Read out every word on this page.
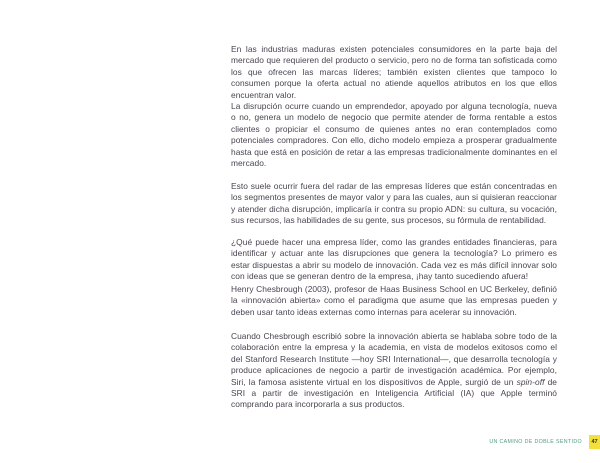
En las industrias maduras existen potenciales consumidores en la parte baja del mercado que requieren del producto o servicio, pero no de forma tan sofisticada como los que ofrecen las marcas líderes; también existen clientes que tampoco lo consumen porque la oferta actual no atiende aquellos atributos en los que ellos encuentran valor.

La disrupción ocurre cuando un emprendedor, apoyado por alguna tecnología, nueva o no, genera un modelo de negocio que permite atender de forma rentable a estos clientes o propiciar el consumo de quienes antes no eran contemplados como potenciales compradores. Con ello, dicho modelo empieza a prosperar gradualmente hasta que está en posición de retar a las empresas tradicionalmente dominantes en el mercado.

Esto suele ocurrir fuera del radar de las empresas líderes que están concentradas en los segmentos presentes de mayor valor y para las cuales, aun si quisieran reaccionar y atender dicha disrupción, implicaría ir contra su propio ADN: su cultura, su vocación, sus recursos, las habilidades de su gente, sus procesos, su fórmula de rentabilidad.

¿Qué puede hacer una empresa líder, como las grandes entidades financieras, para identificar y actuar ante las disrupciones que genera la tecnología? Lo primero es estar dispuestas a abrir su modelo de innovación. Cada vez es más difícil innovar solo con ideas que se generan dentro de la empresa, ¡hay tanto sucediendo afuera!

Henry Chesbrough (2003), profesor de Haas Business School en UC Berkeley, definió la «innovación abierta» como el paradigma que asume que las empresas pueden y deben usar tanto ideas externas como internas para acelerar su innovación.

Cuando Chesbrough escribió sobre la innovación abierta se hablaba sobre todo de la colaboración entre la empresa y la academia, en vista de modelos exitosos como el del Stanford Research Institute —hoy SRI International—, que desarrolla tecnología y produce aplicaciones de negocio a partir de investigación académica. Por ejemplo, Siri, la famosa asistente virtual en los dispositivos de Apple, surgió de un spin-off de SRI a partir de investigación en Inteligencia Artificial (IA) que Apple terminó comprando para incorporarla a sus productos.

UN CAMINO DE DOBLE SENTIDO 47
